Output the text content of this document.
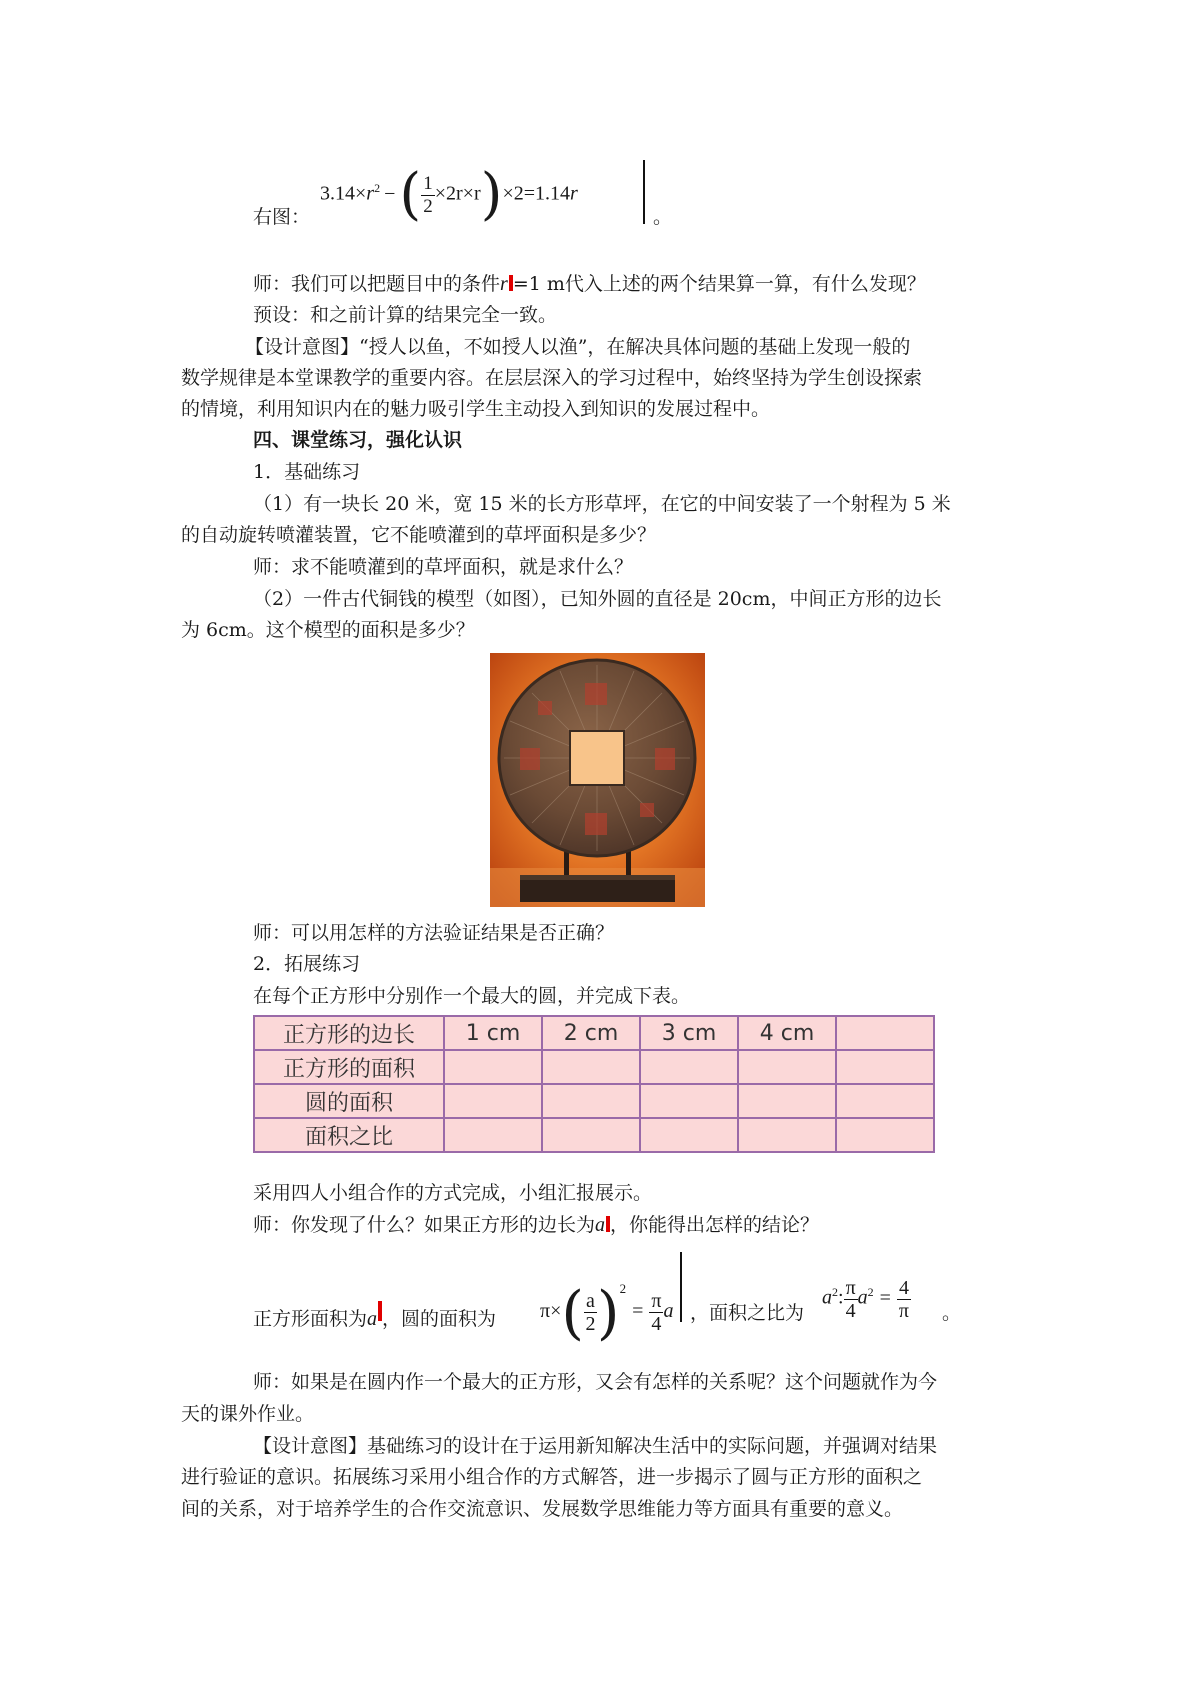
右图：
$3.14\times r^2$ −( $\frac{1}{2} \times 2r\times r)\times 2=1.14r$
。
师：我们可以把题目中的条件r =1 m代入上述的两个结果算一算，有什么发现？
预设：和之前计算的结果完全一致。
【设计意图】“授人以鱼，不如授人以渔”，在解决具体问题的基础上发现一般的
数学规律是本堂课教学的重要内容。在层层深入的学习过程中，始终坚持为学生创设探索
的情境，利用知识内在的魅力吸引学生主动投入到知识的发展过程中。
四、课堂练习，强化认识
1．基础练习
（1）有一块长 20 米，宽 15 米的长方形草坪，在它的中间安装了一个射程为 5 米
的自动旋转喷灌装置，它不能喷灌到的草坪面积是多少？
师：求不能喷灌到的草坪面积，就是求什么？
（2）一件古代铜钱的模型（如图），已知外圆的直径是 20cm，中间正方形的边长
为 6cm。这个模型的面积是多少？
师：可以用怎样的方法验证结果是否正确？
2．拓展练习
在每个正方形中分别作一个最大的圆，并完成下表。
正方形的边长	1 cm	2 cm	3 cm	4 cm	
正方形的面积					
圆的面积					
面积之比					
采用四人小组合作的方式完成，小组汇报展示。
师：你发现了什么？如果正方形的边长为a ，你能得出怎样的结论？
正方形面积为a ，圆的面积为 $\pi\times( \frac{a}{2} )^2= \frac{\pi}{4}$ a ，面积之比为
$a^2$: $\frac{\pi}{4} a^2 = \frac{4}{\pi}$ 。
师：如果是在圆内作一个最大的正方形，又会有怎样的关系呢？这个问题就作为今
天的课外作业。
【设计意图】基础练习的设计在于运用新知解决生活中的实际问题，并强调对结果
进行验证的意识。拓展练习采用小组合作的方式解答，进一步揭示了圆与正方形的面积之
间的关系，对于培养学生的合作交流意识、发展数学思维能力等方面具有重要的意义。
